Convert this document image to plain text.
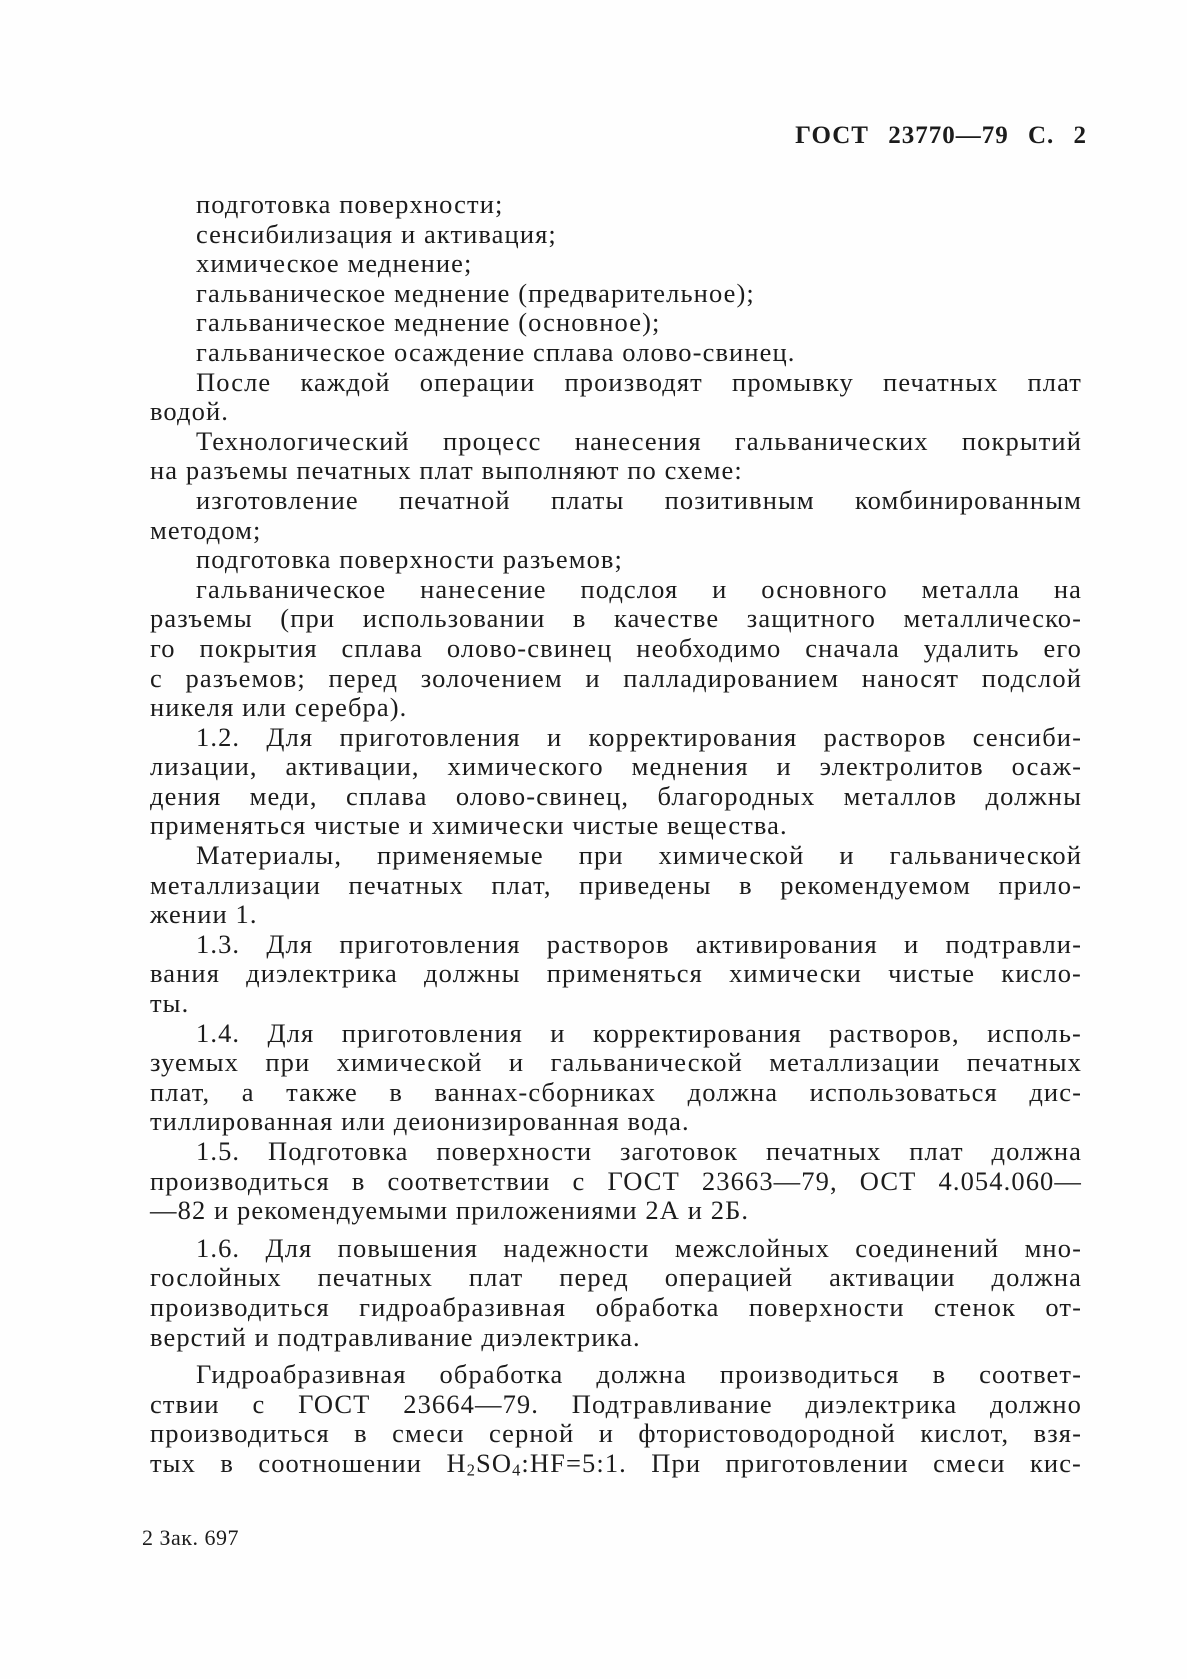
ГОСТ 23770—79 С. 2
подготовка поверхности;
сенсибилизация и активация;
химическое меднение;
гальваническое меднение (предварительное);
гальваническое меднение (основное);
гальваническое осаждение сплава олово-свинец.
После каждой операции производят промывку печатных плат
водой.
Технологический процесс нанесения гальванических покрытий
на разъемы печатных плат выполняют по схеме:
изготовление печатной платы позитивным комбинированным
методом;
подготовка поверхности разъемов;
гальваническое нанесение подслоя и основного металла на
разъемы (при использовании в качестве защитного металлическо-
го покрытия сплава олово-свинец необходимо сначала удалить его
с разъемов; перед золочением и палладированием наносят подслой
никеля или серебра).
1.2. Для приготовления и корректирования растворов сенсиби-
лизации, активации, химического меднения и электролитов осаж-
дения меди, сплава олово-свинец, благородных металлов должны
применяться чистые и химически чистые вещества.
Материалы, применяемые при химической и гальванической
металлизации печатных плат, приведены в рекомендуемом прило-
жении 1.
1.3. Для приготовления растворов активирования и подтравли-
вания диэлектрика должны применяться химически чистые кисло-
ты.
1.4. Для приготовления и корректирования растворов, исполь-
зуемых при химической и гальванической металлизации печатных
плат, а также в ваннах-сборниках должна использоваться дис-
тиллированная или деионизированная вода.
1.5. Подготовка поверхности заготовок печатных плат должна
производиться в соответствии с ГОСТ 23663—79, ОСТ 4.054.060—
—82 и рекомендуемыми приложениями 2А и 2Б.
1.6. Для повышения надежности межслойных соединений мно-
гослойных печатных плат перед операцией активации должна
производиться гидроабразивная обработка поверхности стенок от-
верстий и подтравливание диэлектрика.
Гидроабразивная обработка должна производиться в соответ-
ствии с ГОСТ 23664—79. Подтравливание диэлектрика должно
производиться в смеси серной и фтористоводородной кислот, взя-
тых в соотношении $H_2SO_4:HF=5:1$. При приготовлении смеси кис-
2 Зак. 697
